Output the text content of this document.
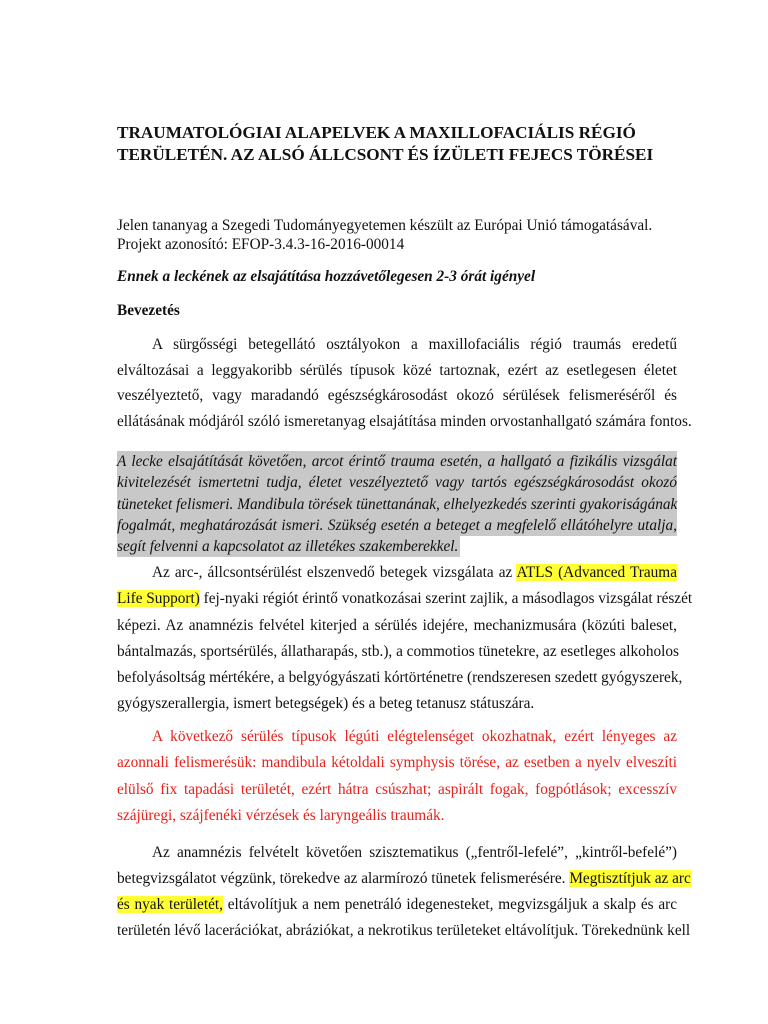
TRAUMATOLÓGIAI ALAPELVEK A MAXILLOFACIÁLIS RÉGIÓ
TERÜLETÉN. AZ ALSÓ ÁLLCSONT ÉS ÍZÜLETI FEJECS TÖRÉSEI

Jelen tananyag a Szegedi Tudományegyetemen készült az Európai Unió támogatásával.
Projekt azonosító: EFOP-3.4.3-16-2016-00014

Ennek a leckének az elsajátítása hozzávetőlegesen 2-3 órát igényel

Bevezetés
A sürgősségi betegellátó osztályokon a maxillofaciális régió traumás eredetű
elváltozásai a leggyakoribb sérülés típusok közé tartoznak, ezért az esetlegesen életet
veszélyeztető, vagy maradandó egészségkárosodást okozó sérülések felismeréséről és
ellátásának módjáról szóló ismeretanyag elsajátítása minden orvostanhallgató számára fontos.
A lecke elsajátítását követően, arcot érintő trauma esetén, a hallgató a fizikális vizsgálat
kivitelezését ismertetni tudja, életet veszélyeztető vagy tartós egészségkárosodást okozó
tüneteket felismeri. Mandibula törések tünettanának, elhelyezkedés szerinti gyakoriságának
fogalmát, meghatározását ismeri. Szükség esetén a beteget a megfelelő ellátóhelyre utalja,
segít felvenni a kapcsolatot az illetékes szakemberekkel.
Az arc-, állcsontsérülést elszenvedő betegek vizsgálata az ATLS (Advanced Trauma
Life Support) fej-nyaki régiót érintő vonatkozásai szerint zajlik, a másodlagos vizsgálat részét
képezi. Az anamnézis felvétel kiterjed a sérülés idejére, mechanizmusára (közúti baleset,
bántalmazás, sportsérülés, állatharapás, stb.), a commotios tünetekre, az esetleges alkoholos
befolyásoltság mértékére, a belgyógyászati kórtörténetre (rendszeresen szedett gyógyszerek,
gyógyszerallergia, ismert betegségek) és a beteg tetanusz státuszára.
A következő sérülés típusok légúti elégtelenséget okozhatnak, ezért lényeges az
azonnali felismerésük: mandibula kétoldali symphysis törése, az esetben a nyelv elveszíti
elülső fix tapadási területét, ezért hátra csúszhat; aspirált fogak, fogpótlások; excesszív
szájüregi, szájfenéki vérzések és laryngeális traumák.
Az anamnézis felvételt követően szisztematikus („fentről-lefelé”, „kintről-befelé”)
betegvizsgálatot végzünk, törekedve az alarmírozó tünetek felismerésére. Megtisztítjuk az arc
és nyak területét, eltávolítjuk a nem penetráló idegenesteket, megvizsgáljuk a skalp és arc
területén lévő lacerációkat, abráziókat, a nekrotikus területeket eltávolítjuk. Törekednünk kell
